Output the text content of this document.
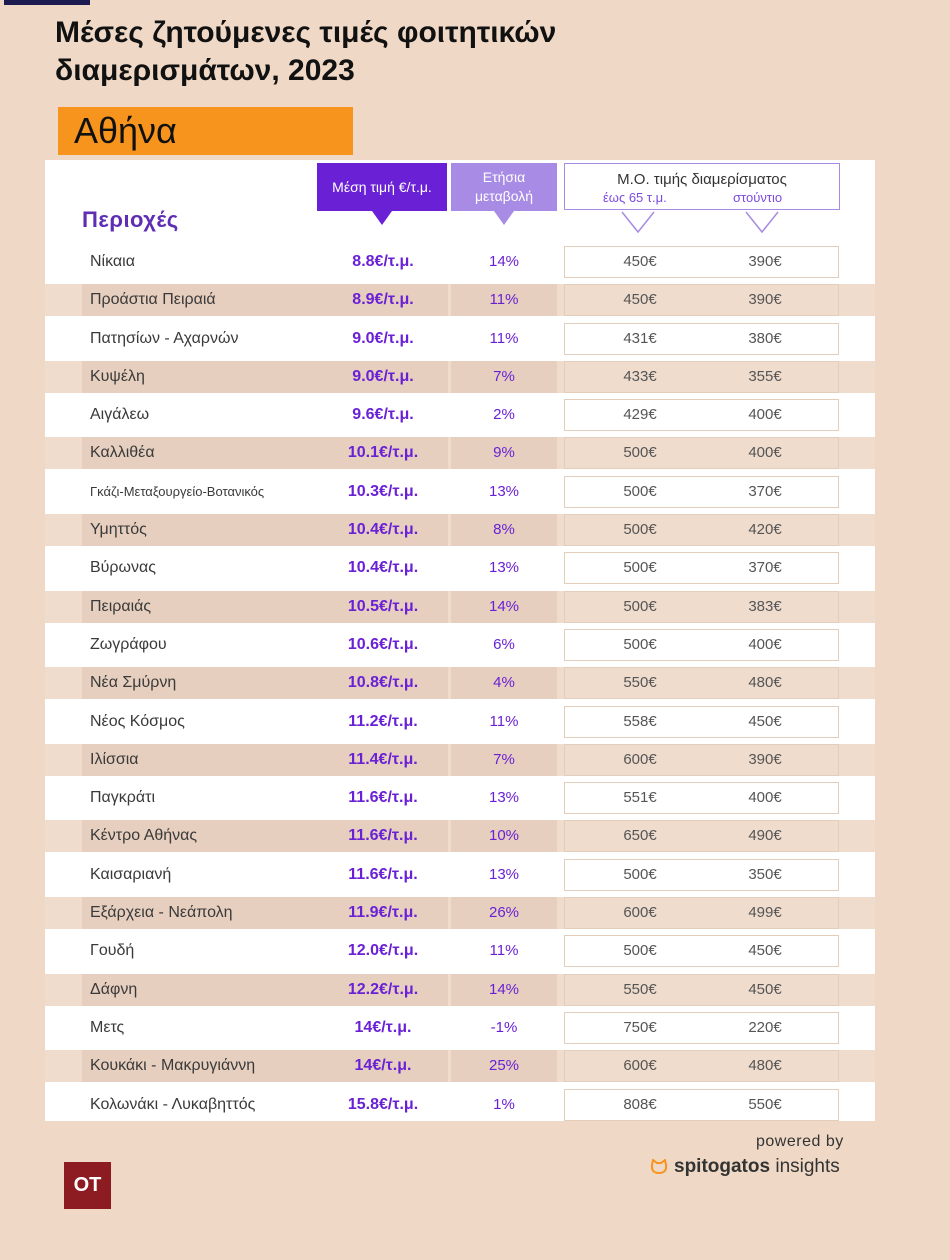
Μέσες ζητούμενες τιμές φοιτητικών διαμερισμάτων, 2023
Αθήνα
Περιοχές
Μέση τιμή €/τ.μ.
Ετήσια
μεταβολή
Μ.Ο. τιμής διαμερίσματος
έως 65 τ.μ.	στούντιο
Νίκαια	8.8€/τ.μ.	14%	450€	390€
Προάστια Πειραιά	8.9€/τ.μ.	11%	450€	390€
Πατησίων - Αχαρνών	9.0€/τ.μ.	11%	431€	380€
Κυψέλη	9.0€/τ.μ.	7%	433€	355€
Αιγάλεω	9.6€/τ.μ.	2%	429€	400€
Καλλιθέα	10.1€/τ.μ.	9%	500€	400€
Γκάζι-Μεταξουργείο-Βοτανικός	10.3€/τ.μ.	13%	500€	370€
Υμηττός	10.4€/τ.μ.	8%	500€	420€
Βύρωνας	10.4€/τ.μ.	13%	500€	370€
Πειραιάς	10.5€/τ.μ.	14%	500€	383€
Ζωγράφου	10.6€/τ.μ.	6%	500€	400€
Νέα Σμύρνη	10.8€/τ.μ.	4%	550€	480€
Νέος Κόσμος	11.2€/τ.μ.	11%	558€	450€
Ιλίσσια	11.4€/τ.μ.	7%	600€	390€
Παγκράτι	11.6€/τ.μ.	13%	551€	400€
Κέντρο Αθήνας	11.6€/τ.μ.	10%	650€	490€
Καισαριανή	11.6€/τ.μ.	13%	500€	350€
Εξάρχεια - Νεάπολη	11.9€/τ.μ.	26%	600€	499€
Γουδή	12.0€/τ.μ.	11%	500€	450€
Δάφνη	12.2€/τ.μ.	14%	550€	450€
Μετς	14€/τ.μ.	-1%	750€	220€
Κουκάκι - Μακρυγιάννη	14€/τ.μ.	25%	600€	480€
Κολωνάκι - Λυκαβηττός	15.8€/τ.μ.	1%	808€	550€
powered by
spitogatos insights
OT
